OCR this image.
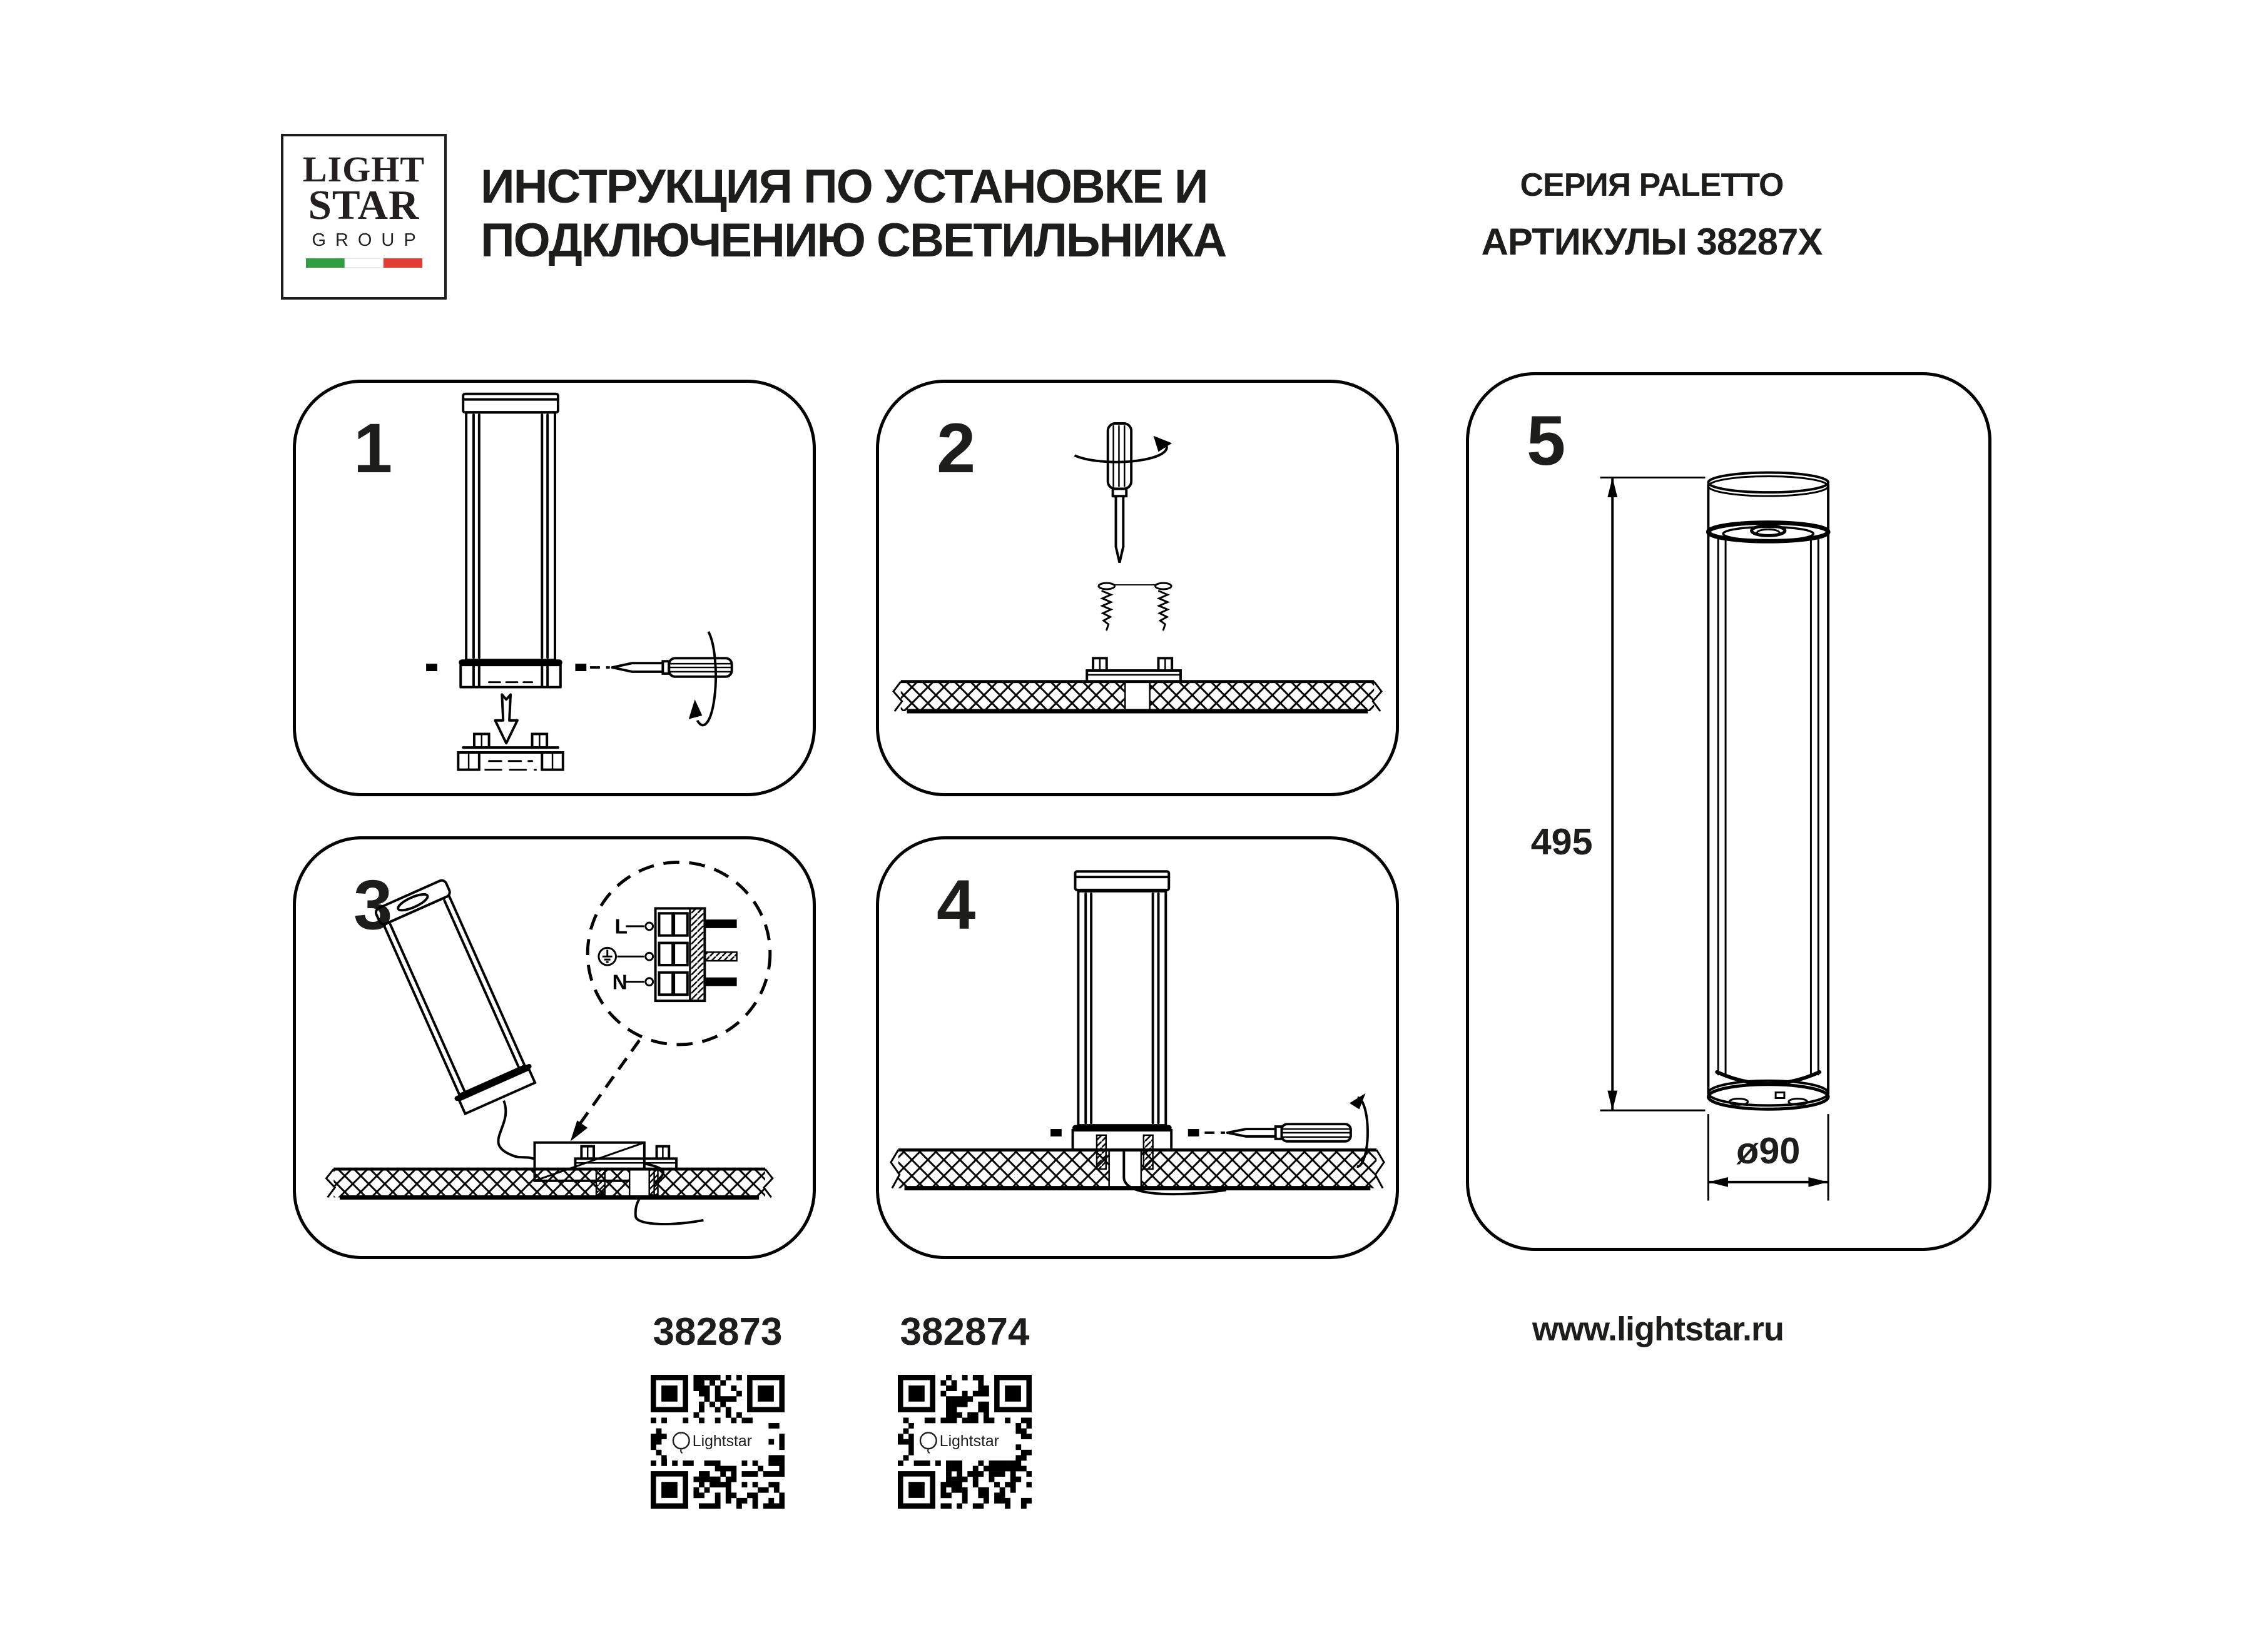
LIGHT
STAR
GROUP
ИНСТРУКЦИЯ ПО УСТАНОВКЕ И
ПОДКЛЮЧЕНИЮ СВЕТИЛЬНИКА
СЕРИЯ PALETTO
АРТИКУЛЫ 38287X
1	2
3	L
N
4
5
495
ø90
382873	382874
Lightstar	Lightstar
www.lightstar.ru
